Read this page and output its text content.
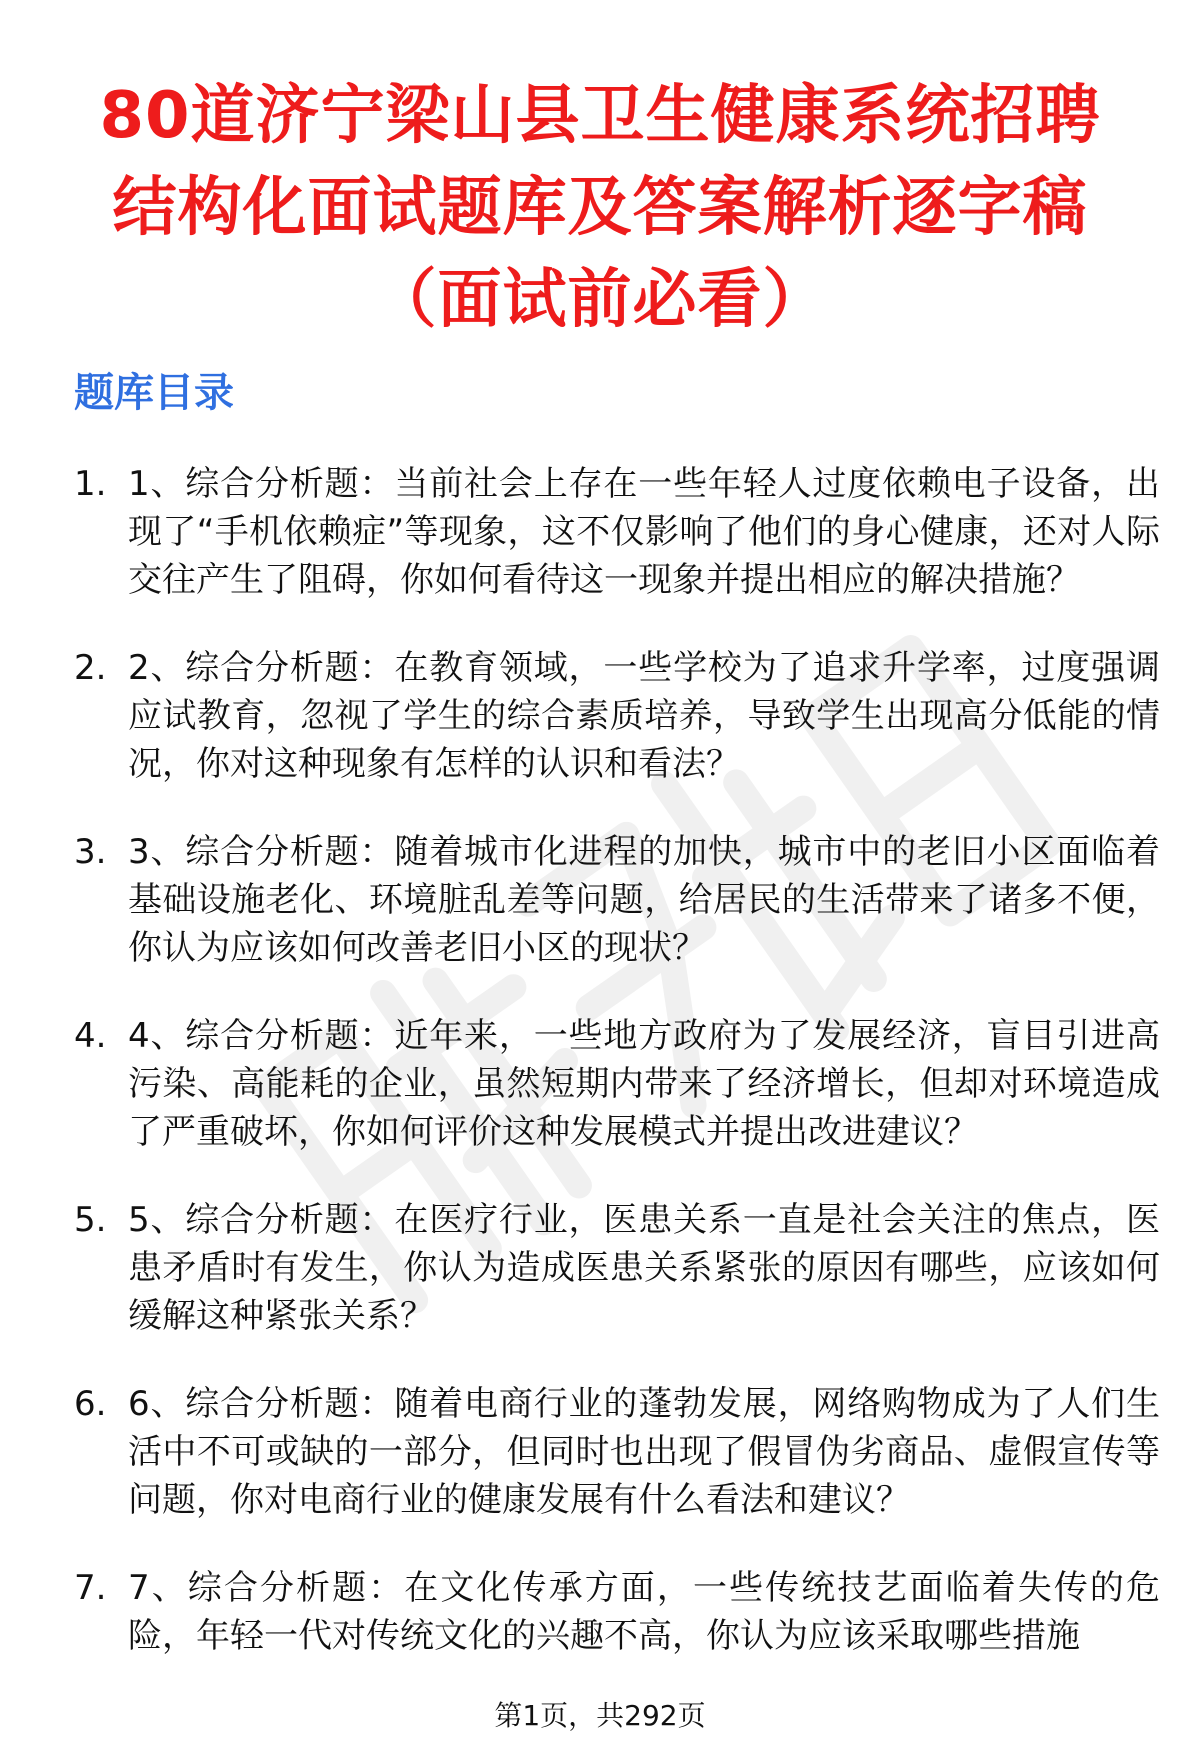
80道济宁梁山县卫生健康系统招聘
结构化面试题库及答案解析逐字稿
（面试前必看）
题库目录
1. 1、综合分析题：当前社会上存在一些年轻人过度依赖电子设备，出现了“手机依赖症”等现象，这不仅影响了他们的身心健康，还对人际交往产生了阻碍，你如何看待这一现象并提出相应的解决措施？
2. 2、综合分析题：在教育领域，一些学校为了追求升学率，过度强调应试教育，忽视了学生的综合素质培养，导致学生出现高分低能的情况，你对这种现象有怎样的认识和看法？
3. 3、综合分析题：随着城市化进程的加快，城市中的老旧小区面临着基础设施老化、环境脏乱差等问题，给居民的生活带来了诸多不便，你认为应该如何改善老旧小区的现状？
4. 4、综合分析题：近年来，一些地方政府为了发展经济，盲目引进高污染、高能耗的企业，虽然短期内带来了经济增长，但却对环境造成了严重破坏，你如何评价这种发展模式并提出改进建议？
5. 5、综合分析题：在医疗行业，医患关系一直是社会关注的焦点，医患矛盾时有发生，你认为造成医患关系紧张的原因有哪些，应该如何缓解这种紧张关系？
6. 6、综合分析题：随着电商行业的蓬勃发展，网络购物成为了人们生活中不可或缺的一部分，但同时也出现了假冒伪劣商品、虚假宣传等问题，你对电商行业的健康发展有什么看法和建议？
7. 7、综合分析题：在文化传承方面，一些传统技艺面临着失传的危险，年轻一代对传统文化的兴趣不高，你认为应该采取哪些措施
第1页，共292页
